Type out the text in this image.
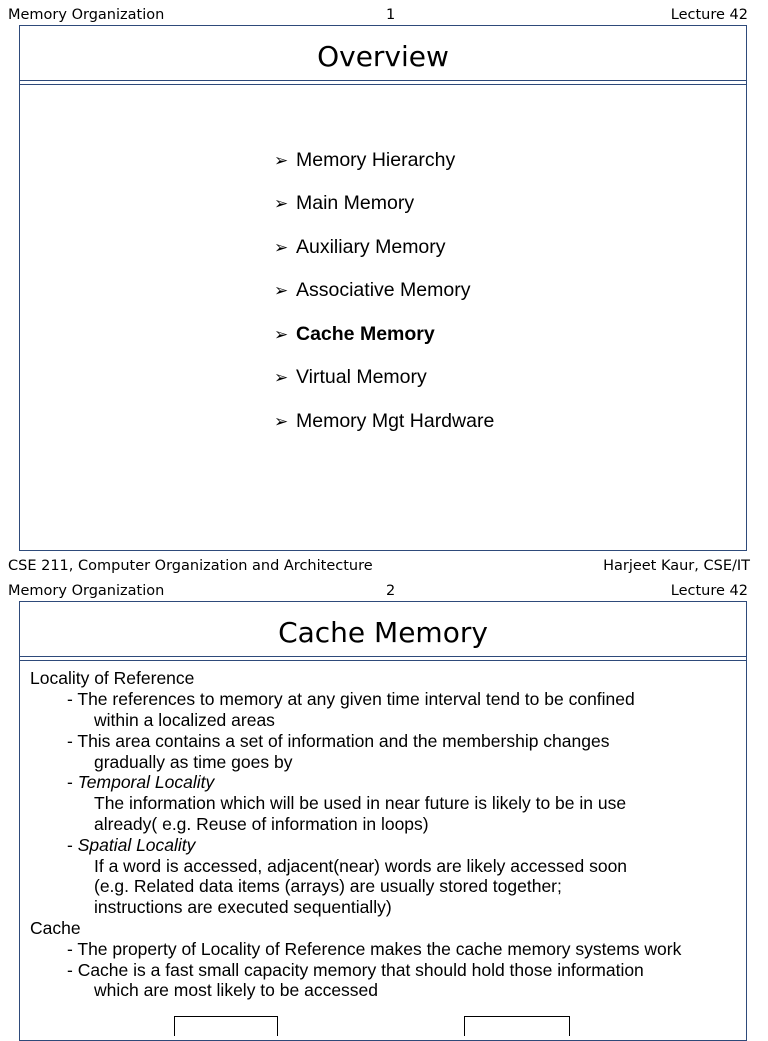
Memory Organization	1	Lecture 42
Overview
➢ Memory Hierarchy
➢ Main Memory
➢ Auxiliary Memory
➢ Associative Memory
➢ Cache Memory
➢ Virtual Memory
➢ Memory Mgt Hardware
CSE 211, Computer Organization and Architecture	Harjeet Kaur, CSE/IT
Memory Organization	2	Lecture 42
Cache Memory
Locality of Reference
- The references to memory at any given time interval tend to be confined
within a localized areas
- This area contains a set of information and the membership changes
gradually as time goes by
- Temporal Locality
The information which will be used in near future is likely to be in use
already( e.g. Reuse of information in loops)
- Spatial Locality
If a word is accessed, adjacent(near) words are likely accessed soon
(e.g. Related data items (arrays) are usually stored together;
instructions are executed sequentially)
Cache
- The property of Locality of Reference makes the cache memory systems work
- Cache is a fast small capacity memory that should hold those information
which are most likely to be accessed
